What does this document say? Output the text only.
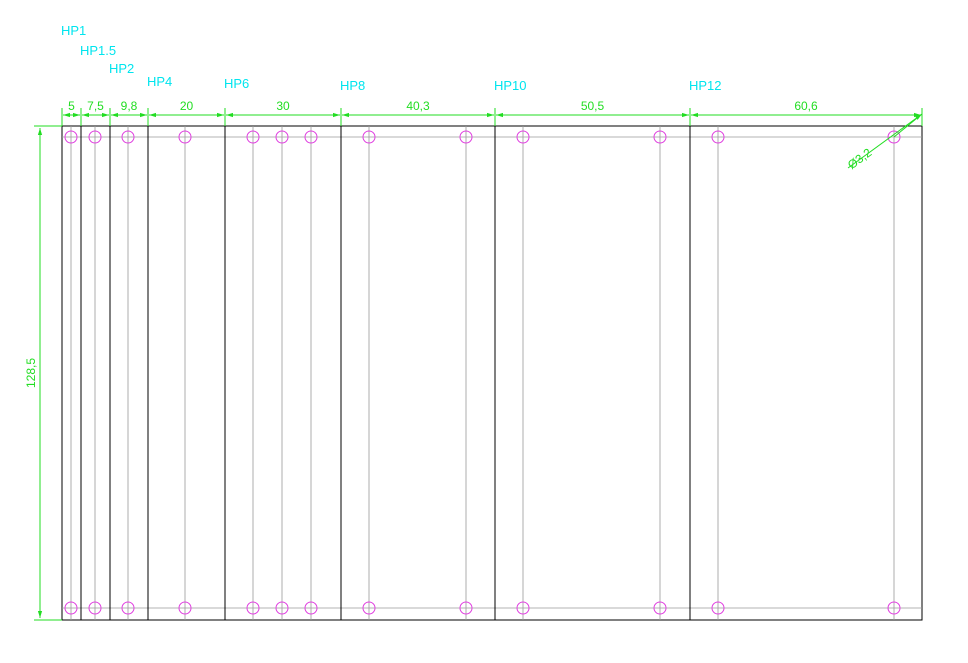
5
HP1
7,5
HP1.5
9,8
HP2
20
HP4
30
HP6
40,3
HP8
50,5
HP10
60,6
HP12
128,5
Ø3,2
